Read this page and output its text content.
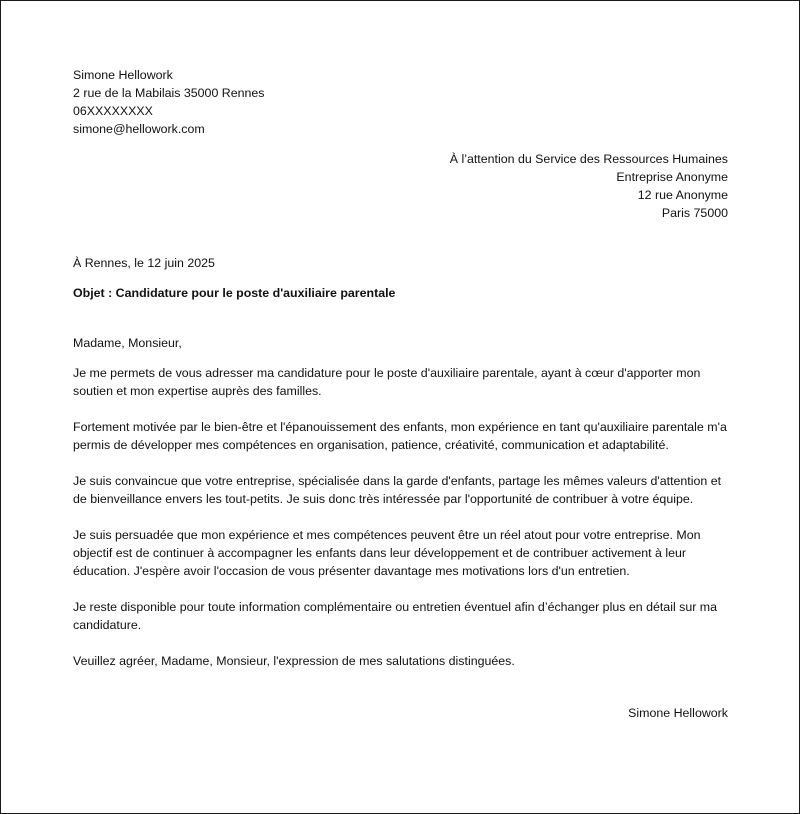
Simone Hellowork
2 rue de la Mabilais 35000 Rennes
06XXXXXXXX
simone@hellowork.com
À l’attention du Service des Ressources Humaines
Entreprise Anonyme
12 rue Anonyme
Paris 75000
À Rennes, le 12 juin 2025
Objet : Candidature pour le poste d'auxiliaire parentale
Madame, Monsieur,

Je me permets de vous adresser ma candidature pour le poste d'auxiliaire parentale, ayant à cœur d'apporter mon soutien et mon expertise auprès des familles.

Fortement motivée par le bien-être et l'épanouissement des enfants, mon expérience en tant qu'auxiliaire parentale m'a permis de développer mes compétences en organisation, patience, créativité, communication et adaptabilité.

Je suis convaincue que votre entreprise, spécialisée dans la garde d'enfants, partage les mêmes valeurs d'attention et de bienveillance envers les tout-petits. Je suis donc très intéressée par l'opportunité de contribuer à votre équipe.

Je suis persuadée que mon expérience et mes compétences peuvent être un réel atout pour votre entreprise. Mon objectif est de continuer à accompagner les enfants dans leur développement et de contribuer activement à leur éducation. J'espère avoir l'occasion de vous présenter davantage mes motivations lors d'un entretien.

Je reste disponible pour toute information complémentaire ou entretien éventuel afin d’échanger plus en détail sur ma candidature.

Veuillez agréer, Madame, Monsieur, l'expression de mes salutations distinguées.
Simone Hellowork
